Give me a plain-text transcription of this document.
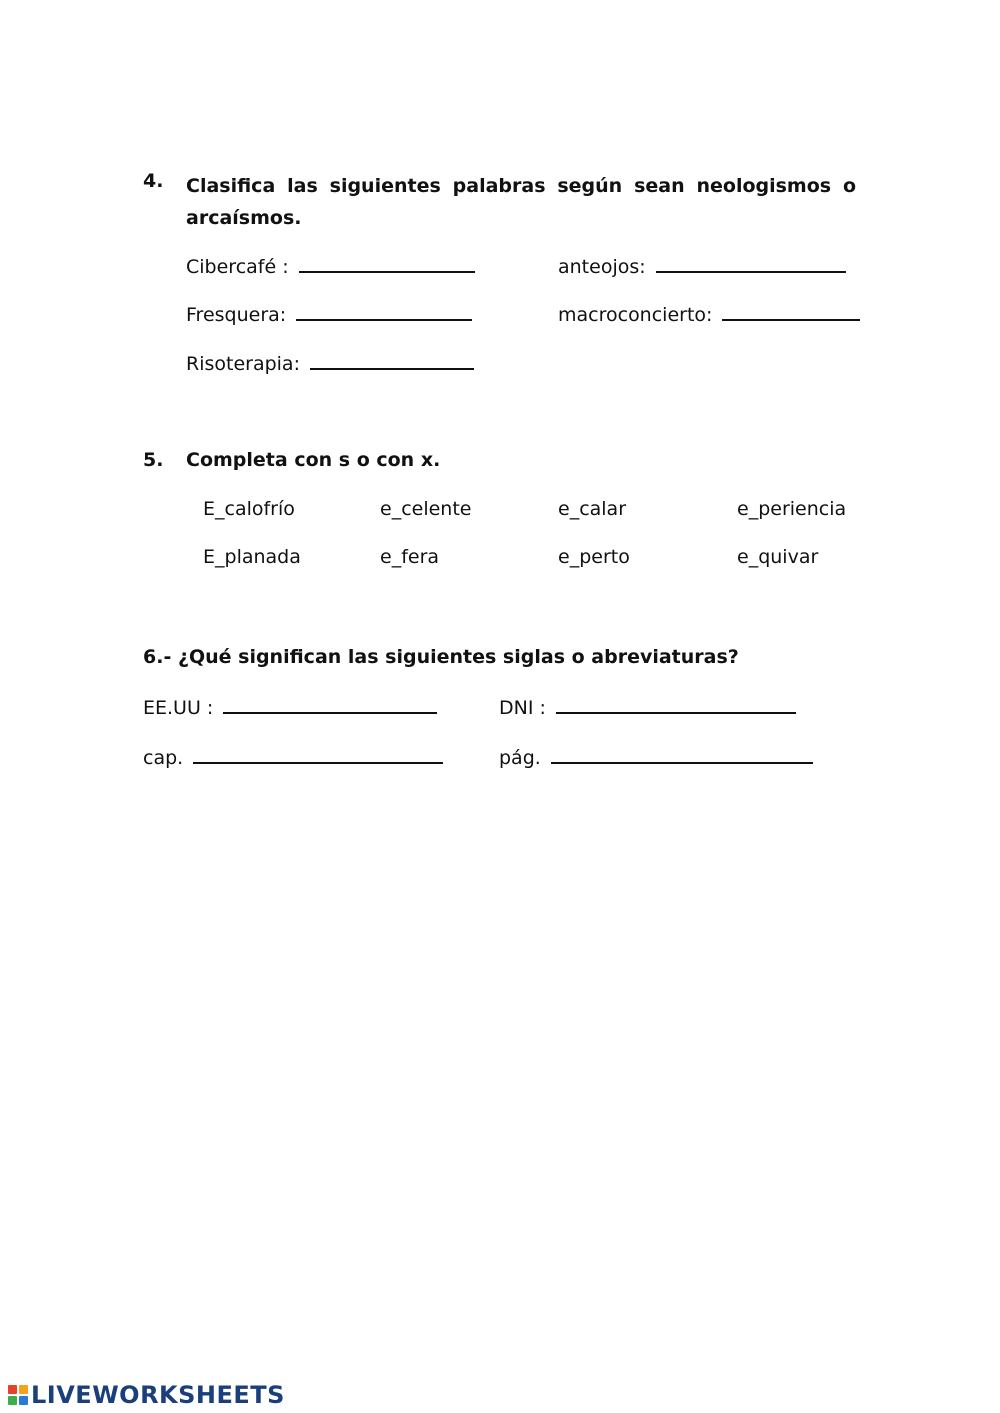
4. Clasifica las siguientes palabras según sean neologismos o
arcaísmos.
Cibercafé :	anteojos:
Fresquera:	macroconcierto:
Risoterapia:
5. Completa con s o con x.
E_calofrío	e_celente	e_calar	e_periencia
E_planada	e_fera	e_perto	e_quivar
6.- ¿Qué significan las siguientes siglas o abreviaturas?
EE.UU :	DNI :
cap.	pág.
LIVEWORKSHEETS
